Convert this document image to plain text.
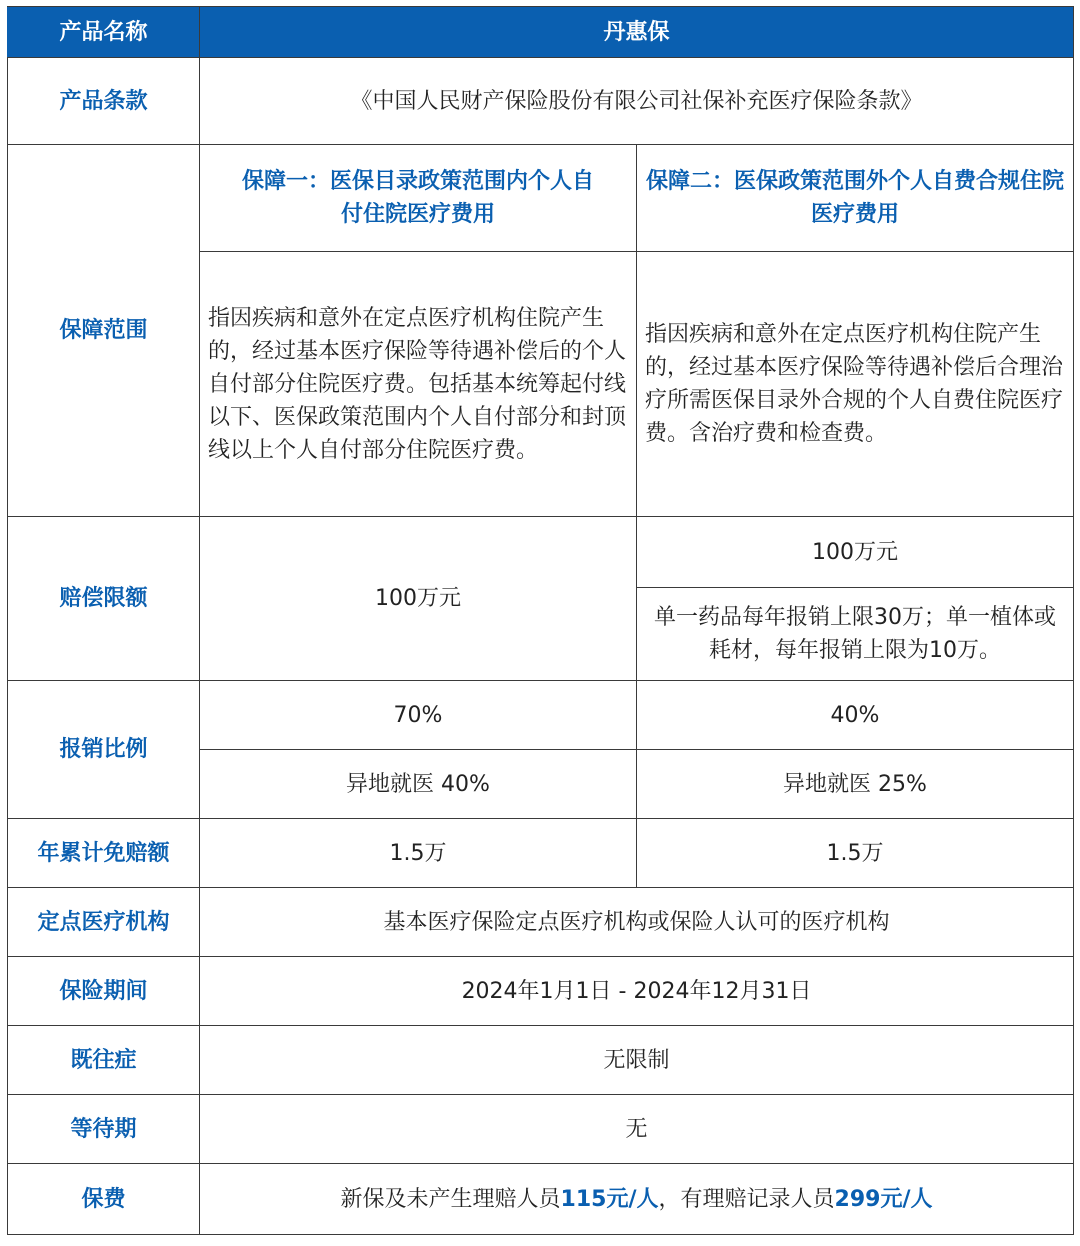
产品名称	丹惠保	
产品条款	《中国人民财产保险股份有限公司社保补充医疗保险条款》	
保障范围	保障一：医保目录政策范围内个人自付住院医疗费用	保障二：医保政策范围外个人自费合规住院医疗费用

	指因疾病和意外在定点医疗机构住院产生的，经过基本医疗保险等待遇补偿后的个人自付部分住院医疗费。包括基本统筹起付线以下、医保政策范围内个人自付部分和封顶线以上个人自付部分住院医疗费。	指因疾病和意外在定点医疗机构住院产生的，经过基本医疗保险等待遇补偿后合理治疗所需医保目录外合规的个人自费住院医疗费。含治疗费和检查费。
赔偿限额	100万元	100万元
		单一药品每年报销上限30万；单一植体或耗材，每年报销上限为10万。
报销比例	70%	40%
	异地就医 40%	异地就医 25%
年累计免赔额	1.5万	1.5万
定点医疗机构	基本医疗保险定点医疗机构或保险人认可的医疗机构	
保险期间	2024年1月1日 - 2024年12月31日	
既往症	无限制	
等待期	无	
保费	新保及未产生理赔人员115元/人，有理赔记录人员299元/人	
